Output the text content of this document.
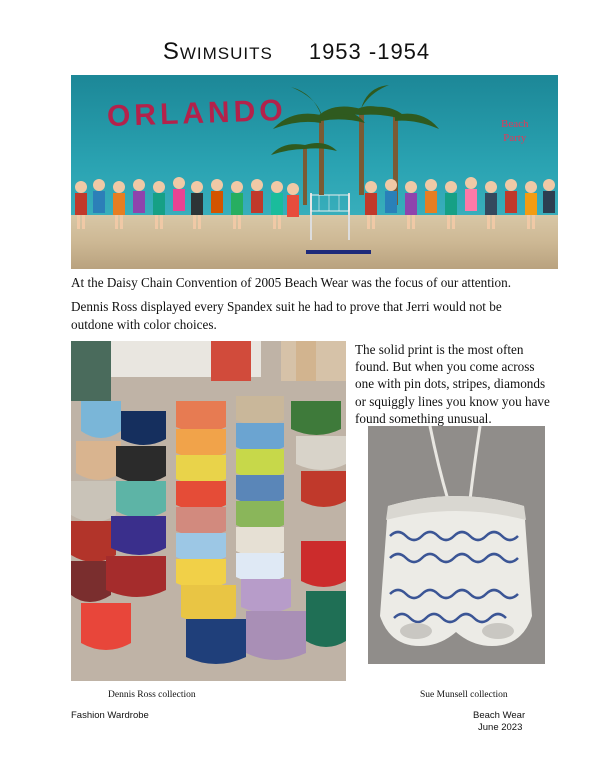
Swimsuits 1953 -1954
ORLANDO	Beach
Party
At the Daisy Chain Convention of 2005 Beach Wear was the focus of our attention.
Dennis Ross displayed every Spandex suit he had to prove that Jerri would not be outdone with color choices.
The solid print is the most often found. But when you come across one with pin dots, stripes, diamonds or squiggly lines you know you have found something unusual.
Dennis Ross collection	Sue Munsell collection
Fashion Wardrobe	Beach Wear
June 2023
